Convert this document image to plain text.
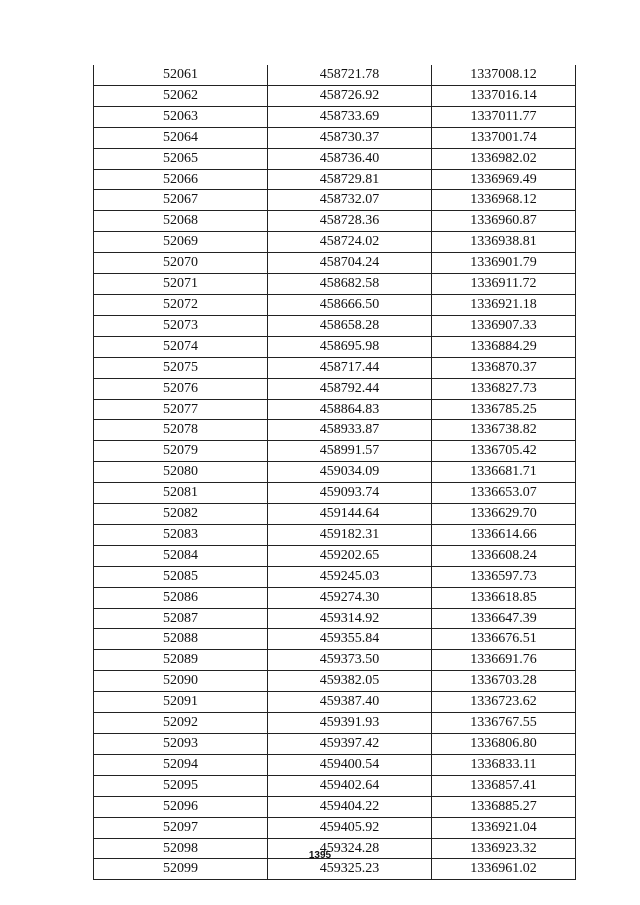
52061	458721.78	1337008.12
52062	458726.92	1337016.14
52063	458733.69	1337011.77
52064	458730.37	1337001.74
52065	458736.40	1336982.02
52066	458729.81	1336969.49
52067	458732.07	1336968.12
52068	458728.36	1336960.87
52069	458724.02	1336938.81
52070	458704.24	1336901.79
52071	458682.58	1336911.72
52072	458666.50	1336921.18
52073	458658.28	1336907.33
52074	458695.98	1336884.29
52075	458717.44	1336870.37
52076	458792.44	1336827.73
52077	458864.83	1336785.25
52078	458933.87	1336738.82
52079	458991.57	1336705.42
52080	459034.09	1336681.71
52081	459093.74	1336653.07
52082	459144.64	1336629.70
52083	459182.31	1336614.66
52084	459202.65	1336608.24
52085	459245.03	1336597.73
52086	459274.30	1336618.85
52087	459314.92	1336647.39
52088	459355.84	1336676.51
52089	459373.50	1336691.76
52090	459382.05	1336703.28
52091	459387.40	1336723.62
52092	459391.93	1336767.55
52093	459397.42	1336806.80
52094	459400.54	1336833.11
52095	459402.64	1336857.41
52096	459404.22	1336885.27
52097	459405.92	1336921.04
52098	459324.28	1336923.32
52099	459325.23	1336961.02
1395
